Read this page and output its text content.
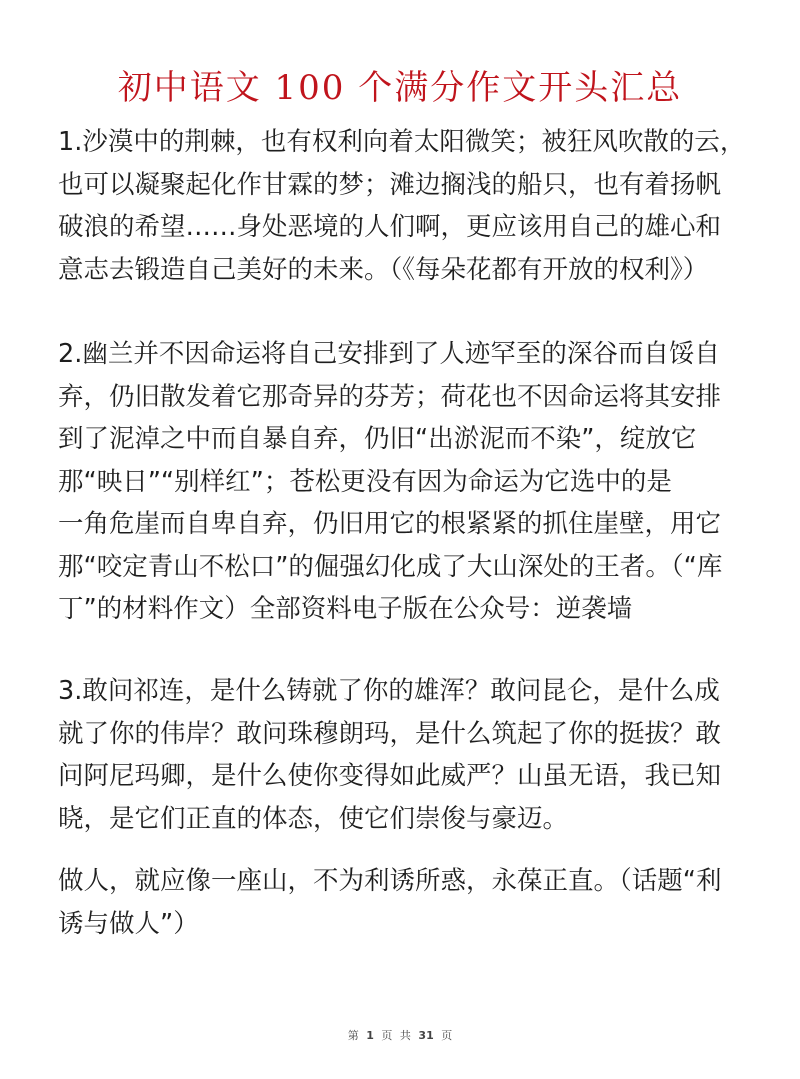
初中语文 100 个满分作文开头汇总

1.沙漠中的荆棘，也有权利向着太阳微笑；被狂风吹散的云，
也可以凝聚起化作甘霖的梦；滩边搁浅的船只，也有着扬帆
破浪的希望……身处恶境的人们啊，更应该用自己的雄心和
意志去锻造自己美好的未来。（《每朵花都有开放的权利》）

2.幽兰并不因命运将自己安排到了人迹罕至的深谷而自馁自
弃，仍旧散发着它那奇异的芬芳；荷花也不因命运将其安排
到了泥淖之中而自暴自弃，仍旧“出淤泥而不染”，绽放它
那“映日”“别样红”；苍松更没有因为命运为它选中的是
一角危崖而自卑自弃，仍旧用它的根紧紧的抓住崖壁，用它
那“咬定青山不松口”的倔强幻化成了大山深处的王者。（“库
丁”的材料作文）全部资料电子版在公众号：逆袭墙

3.敢问祁连，是什么铸就了你的雄浑？敢问昆仑，是什么成
就了你的伟岸？敢问珠穆朗玛，是什么筑起了你的挺拔？敢
问阿尼玛卿，是什么使你变得如此威严？山虽无语，我已知
晓，是它们正直的体态，使它们崇俊与豪迈。

做人，就应像一座山，不为利诱所惑，永葆正直。（话题“利
诱与做人”）

第 1 页 共 31 页
